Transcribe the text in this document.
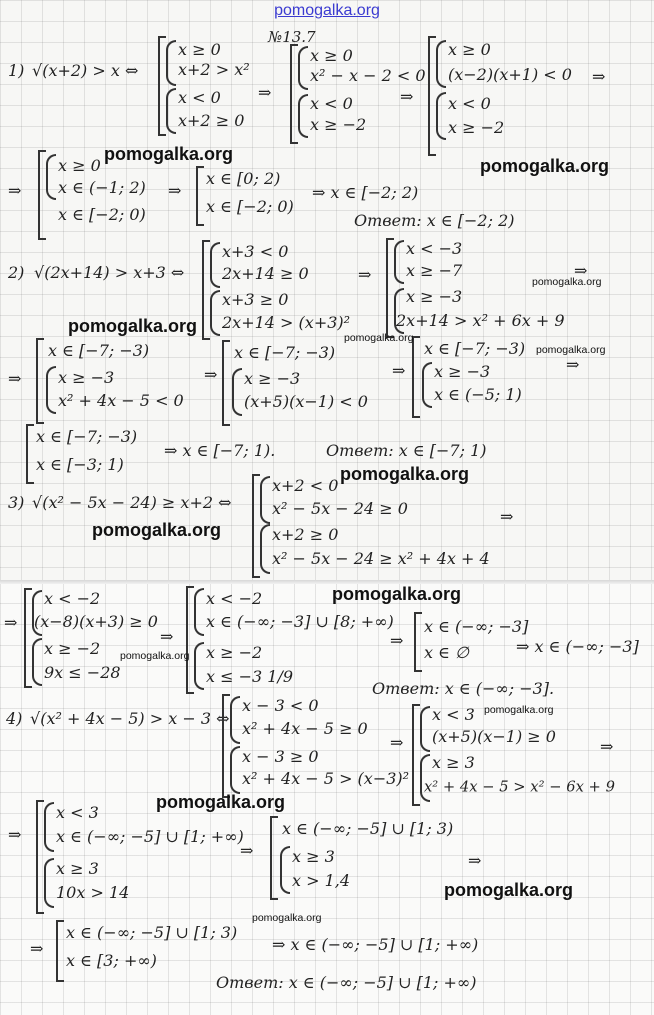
pomogalka.org
№13.7
1) √(x+2) > x ⇔
x ≥ 0
x+2 > x²
x < 0
x+2 ≥ 0
⇒
x ≥ 0
x² − x − 2 < 0
x < 0
x ≥ −2
⇒
x ≥ 0
(x−2)(x+1) < 0 ⇒
x < 0
x ≥ −2
⇒
x ≥ 0
x ∈ (−1; 2)
x ∈ [−2; 0)
⇒
x ∈ [0; 2)
x ∈ [−2; 0)
⇒ x ∈ [−2; 2)
Ответ: x ∈ [−2; 2)
2) √(2x+14) > x+3 ⇔
x+3 < 0
2x+14 ≥ 0
x+3 ≥ 0
2x+14 > (x+3)²
⇒
x < −3
x ≥ −7
x ≥ −3
2x+14 > x² + 6x + 9
⇒
⇒
x ∈ [−7; −3)
x ≥ −3
x² + 4x − 5 < 0
⇒
x ∈ [−7; −3)
x ≥ −3
(x+5)(x−1) < 0
⇒
x ∈ [−7; −3)
x ≥ −3
x ∈ (−5; 1)
⇒
x ∈ [−7; −3)
x ∈ [−3; 1)
⇒ x ∈ [−7; 1).	Ответ: x ∈ [−7; 1)
3) √(x² − 5x − 24) ≥ x+2 ⇔
x+2 < 0
x² − 5x − 24 ≥ 0
x+2 ≥ 0
x² − 5x − 24 ≥ x² + 4x + 4
⇒
⇒
x < −2
(x−8)(x+3) ≥ 0
x ≥ −2
9x ≤ −28
⇒
x < −2
x ∈ (−∞; −3] ∪ [8; +∞)
x ≥ −2
x ≤ −3 1/9
⇒
x ∈ (−∞; −3]
x ∈ ∅	⇒ x ∈ (−∞; −3]
Ответ: x ∈ (−∞; −3].
4) √(x² + 4x − 5) > x − 3 ⇔
x − 3 < 0
x² + 4x − 5 ≥ 0
x − 3 ≥ 0
x² + 4x − 5 > (x−3)²
⇒
x < 3
(x+5)(x−1) ≥ 0
x ≥ 3
x² + 4x − 5 > x² − 6x + 9
⇒
⇒
x < 3
x ∈ (−∞; −5] ∪ [1; +∞)
x ≥ 3
10x > 14
⇒
x ∈ (−∞; −5] ∪ [1; 3)
x ≥ 3
x > 1,4
⇒
⇒
x ∈ (−∞; −5] ∪ [1; 3)
x ∈ [3; +∞)
⇒ x ∈ (−∞; −5] ∪ [1; +∞)
Ответ: x ∈ (−∞; −5] ∪ [1; +∞)
pomogalka.org
pomogalka.org
pomogalka.org
pomogalka.org
pomogalka.org
pomogalka.org
pomogalka.org
pomogalka.org
pomogalka.org
pomogalka.org
pomogalka.org
pomogalka.org
pomogalka.org
pomogalka.org
